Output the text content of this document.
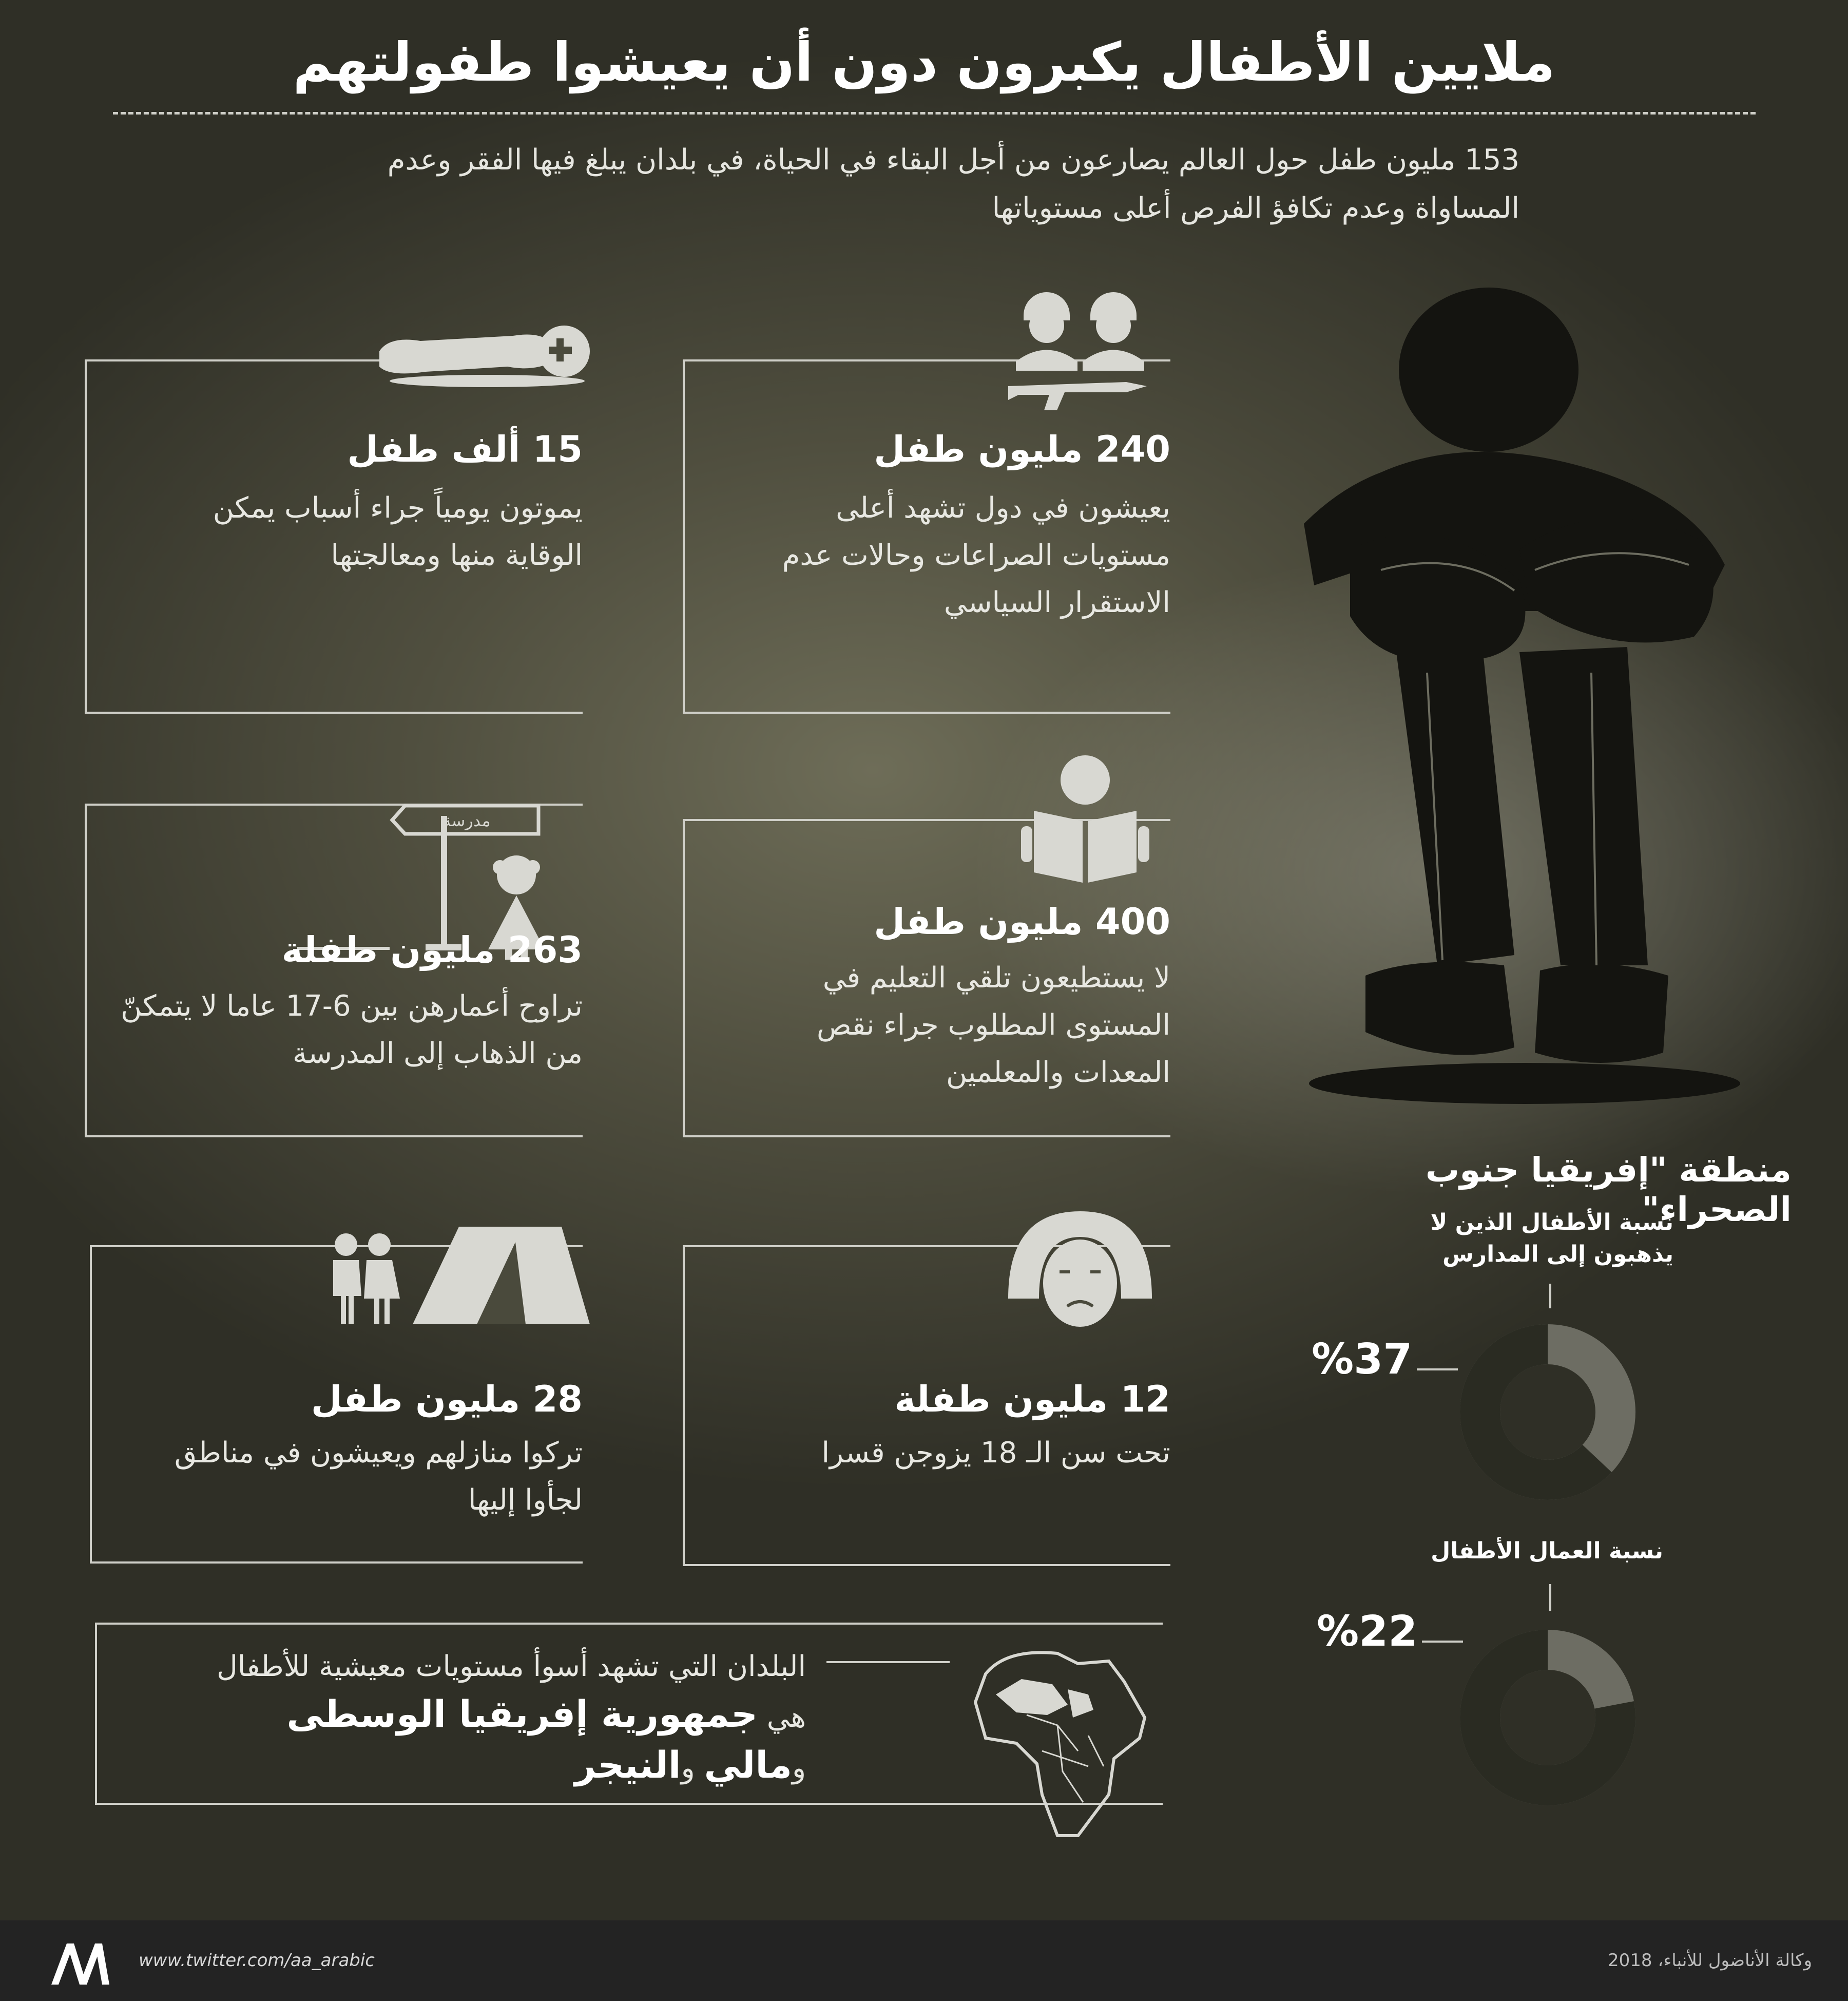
ملايين الأطفال يكبرون دون أن يعيشوا طفولتهم
153 مليون طفل حول العالم يصارعون من أجل البقاء في الحياة، في بلدان يبلغ فيها الفقر وعدم المساواة وعدم تكافؤ الفرص أعلى مستوياتها
240 مليون طفل
يعيشون في دول تشهد أعلى مستويات الصراعات وحالات عدم الاستقرار السياسي
15 ألف طفل
يموتون يومياً جراء أسباب يمكن الوقاية منها ومعالجتها
400 مليون طفل
لا يستطيعون تلقي التعليم في المستوى المطلوب جراء نقص المعدات والمعلمين
مدرسة
263 مليون طفلة
تراوح أعمارهن بين 6-17 عاما لا يتمكنّ من الذهاب إلى المدرسة
12 مليون طفلة
تحت سن الـ 18 يزوجن قسرا
28 مليون طفل
تركوا منازلهم ويعيشون في مناطق لجأوا إليها
منطقة "إفريقيا جنوب الصحراء"
نسبة الأطفال الذين لا يذهبون إلى المدارس
%37
نسبة العمال الأطفال
%22
البلدان التي تشهد أسوأ مستويات معيشية للأطفال هي جمهورية إفريقيا الوسطى ومالي والنيجر
www.twitter.com/aa_arabic	وكالة الأناضول للأنباء، 2018
